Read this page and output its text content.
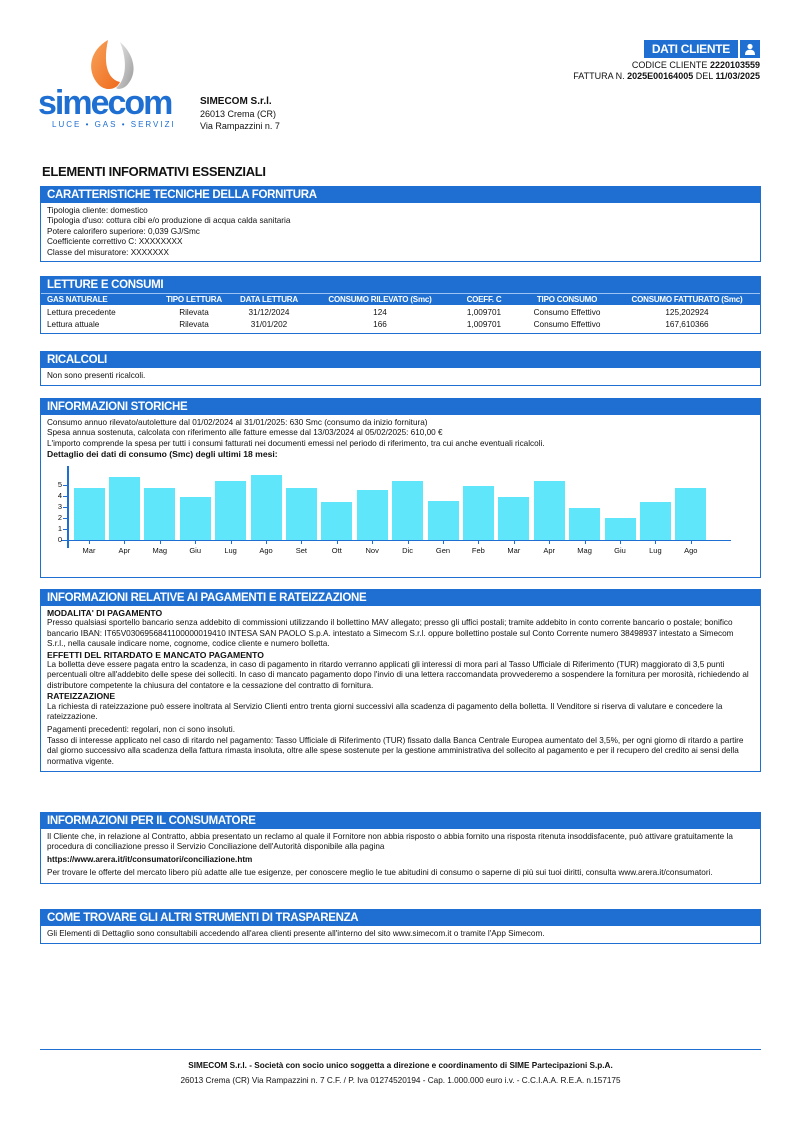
simecom
LUCE • GAS • SERVIZI
SIMECOM S.r.l.
26013 Crema (CR)
Via Rampazzini n. 7
DATI CLIENTE
CODICE CLIENTE 2220103559
FATTURA N. 2025E00164005 DEL 11/03/2025
ELEMENTI INFORMATIVI ESSENZIALI
CARATTERISTICHE TECNICHE DELLA FORNITURA

Tipologia cliente: domestico

Tipologia d'uso: cottura cibi e/o produzione di acqua calda sanitaria

Potere calorifero superiore: 0,039 GJ/Smc

Coefficiente correttivo C: XXXXXXXX

Classe del misuratore: XXXXXXX

LETTURE E CONSUMI
GAS NATURALE	TIPO LETTURA	DATA LETTURA	CONSUMO RILEVATO (Smc)	COEFF. C	TIPO CONSUMO	CONSUMO FATTURATO (Smc)
Lettura precedente	Rilevata	31/12/2024	124	1,009701	Consumo Effettivo	125,202924
Lettura attuale	Rilevata	31/01/202	166	1,009701	Consumo Effettivo	167,610366
RICALCOLI

Non sono presenti ricalcoli.

INFORMAZIONI STORICHE

Consumo annuo rilevato/autoletture dal 01/02/2024 al 31/01/2025: 630 Smc (consumo da inizio fornitura)

Spesa annua sostenuta, calcolata con riferimento alle fatture emesse dal 13/03/2024 al 05/02/2025: 610,00 €

L'importo comprende la spesa per tutti i consumi fatturati nei documenti emessi nel periodo di riferimento, tra cui anche eventuali ricalcoli.

Dettaglio dei dati di consumo (Smc) degli ultimi 18 mesi:

0
1
2
3
4
5
Mar	Apr	Mag	Giu	Lug	Ago	Set	Ott	Nov	Dic	Gen	Feb	Mar	Apr	Mag	Giu	Lug	Ago
INFORMAZIONI RELATIVE AI PAGAMENTI E RATEIZZAZIONE

MODALITA' DI PAGAMENTO

Presso qualsiasi sportello bancario senza addebito di commissioni utilizzando il bollettino MAV allegato; presso gli uffici postali; tramite addebito in conto corrente bancario o postale; bonifico bancario IBAN: IT65V0306956841100000019410 INTESA SAN PAOLO S.p.A. intestato a Simecom S.r.l. oppure bollettino postale sul Conto Corrente numero 38498937 intestato a Simecom S.r.l., nella causale indicare nome, cognome, codice cliente e numero bolletta.

EFFETTI DEL RITARDATO E MANCATO PAGAMENTO

La bolletta deve essere pagata entro la scadenza, in caso di pagamento in ritardo verranno applicati gli interessi di mora pari al Tasso Ufficiale di Riferimento (TUR) maggiorato di 3,5 punti percentuali oltre all'addebito delle spese dei solleciti. In caso di mancato pagamento dopo l'invio di una lettera raccomandata provvederemo a sospendere la fornitura per morosità, richiedendo al distributore competente la chiusura del contatore e la cessazione del contratto di fornitura.

RATEIZZAZIONE

La richiesta di rateizzazione può essere inoltrata al Servizio Clienti entro trenta giorni successivi alla scadenza di pagamento della bolletta. Il Venditore si riserva di valutare e concedere la rateizzazione.

Pagamenti precedenti: regolari, non ci sono insoluti.

Tasso di interesse applicato nel caso di ritardo nel pagamento: Tasso Ufficiale di Riferimento (TUR) fissato dalla Banca Centrale Europea aumentato del 3,5%, per ogni giorno di ritardo a partire dal giorno successivo alla scadenza della fattura rimasta insoluta, oltre alle spese sostenute per la gestione amministrativa del sollecito al pagamento e per il recupero del credito ai sensi della normativa vigente.

INFORMAZIONI PER IL CONSUMATORE

Il Cliente che, in relazione al Contratto, abbia presentato un reclamo al quale il Fornitore non abbia risposto o abbia fornito una risposta ritenuta insoddisfacente, può attivare gratuitamente la procedura di conciliazione presso il Servizio Conciliazione dell'Autorità disponibile alla pagina

https://www.arera.it/it/consumatori/conciliazione.htm

Per trovare le offerte del mercato libero più adatte alle tue esigenze, per conoscere meglio le tue abitudini di consumo o saperne di più sui tuoi diritti, consulta www.arera.it/consumatori.

COME TROVARE GLI ALTRI STRUMENTI DI TRASPARENZA

Gli Elementi di Dettaglio sono consultabili accedendo all'area clienti presente all'interno del sito www.simecom.it o tramite l'App Simecom.

SIMECOM S.r.l. - Società con socio unico soggetta a direzione e coordinamento di SIME Partecipazioni S.p.A.
26013 Crema (CR) Via Rampazzini n. 7 C.F. / P. Iva 01274520194 - Cap. 1.000.000 euro i.v. - C.C.I.A.A. R.E.A. n.157175
